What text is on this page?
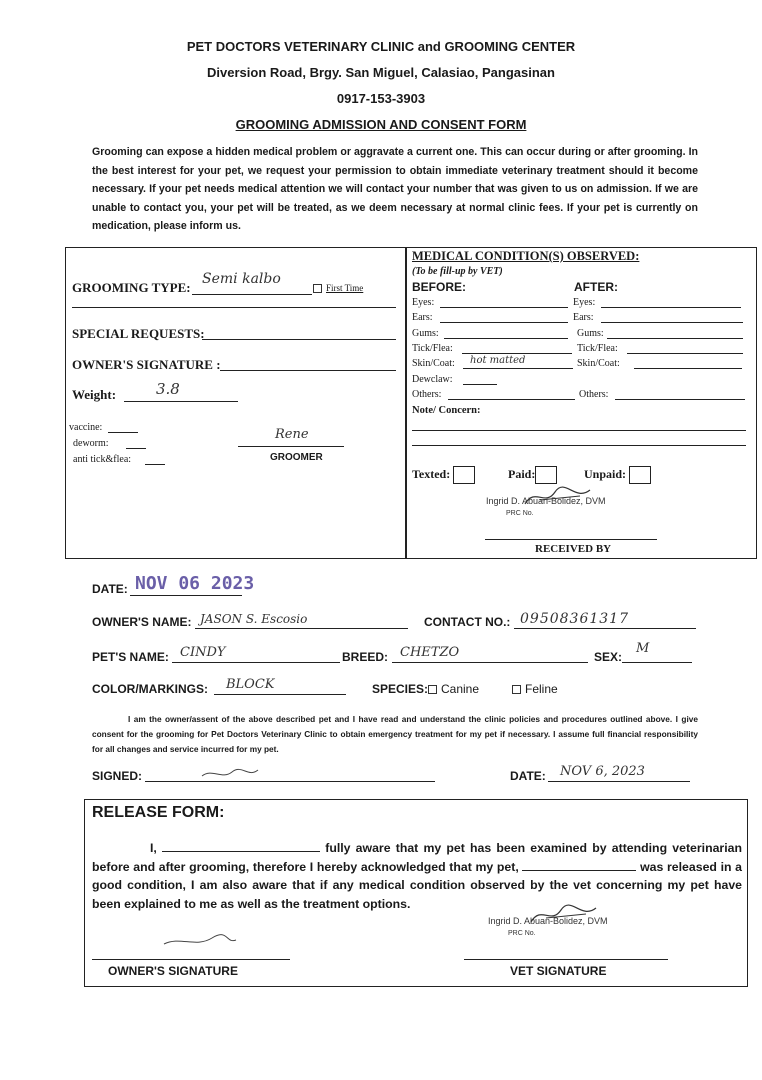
PET DOCTORS VETERINARY CLINIC and GROOMING CENTER
Diversion Road, Brgy. San Miguel, Calasiao, Pangasinan
0917-153-3903
GROOMING ADMISSION AND CONSENT FORM
Grooming can expose a hidden medical problem or aggravate a current one. This can occur during or after grooming. In the best interest for your pet, we request your permission to obtain immediate veterinary treatment should it become necessary. If your pet needs medical attention we will contact your number that was given to us on admission. If we are unable to contact you, your pet will be treated, as we deem necessary at normal clinic fees. If your pet is currently on medication, please inform us.
GROOMING TYPE:
Semi kalbo
First Time
SPECIAL REQUESTS:
OWNER'S SIGNATURE :
Weight:	3.8
vaccine:
deworm:
anti tick&flea:
Rene
GROOMER
MEDICAL CONDITION(S) OBSERVED:
(To be fill-up by VET)
BEFORE:	AFTER:
Eyes:	Eyes:
Ears:	Ears:
Gums:	Gums:
Tick/Flea:	Tick/Flea:
Skin/Coat: hot matted	Skin/Coat:
Dewclaw:
Others:	Others:
Note/ Concern:
Texted:	Paid:	Unpaid:
Ingrid D. Abuan-Bolidez, DVM
PRC No.
RECEIVED BY
DATE: NOV 06 2023
OWNER'S NAME: JASON S. Escosio	CONTACT NO.: 09508361317
PET'S NAME: CINDY	BREED: CHETZO	SEX:
M
COLOR/MARKINGS: BLOCK	SPECIES:	Canine	Feline
I am the owner/assent of the above described pet and I have read and understand the clinic policies and procedures outlined above. I give consent for the grooming for Pet Doctors Veterinary Clinic to obtain emergency treatment for my pet if necessary. I assume full financial responsibility for all changes and service incurred for my pet.
SIGNED:	DATE: NOV 6, 2023
RELEASE FORM:
I,	fully aware that my pet has been examined by attending veterinarian before and after grooming, therefore I hereby acknowledged that my pet,	was released in a good condition, I am also aware that if any medical condition observed by the vet concerning my pet have been explained to me as well as the treatment options.
OWNER'S SIGNATURE
Ingrid D. Abuan-Bolidez, DVM
PRC No.
VET SIGNATURE
